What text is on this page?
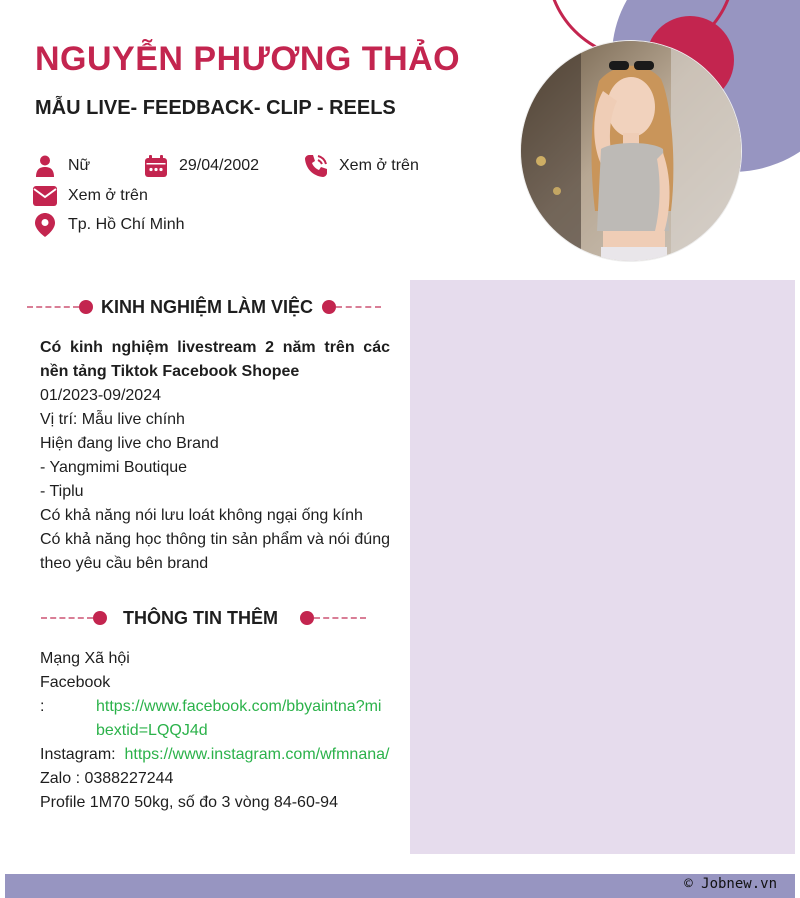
NGUYỄN PHƯƠNG THẢO
MẪU LIVE- FEEDBACK- CLIP - REELS
Nữ	29/04/2002	Xem ở trên
Xem ở trên
Tp. Hồ Chí Minh
KINH NGHIỆM LÀM VIỆC

Có kinh nghiệm livestream 2 năm trên các nền tảng Tiktok Facebook Shopee

01/2023-09/2024

Vị trí: Mẫu live chính

Hiện đang live cho Brand

- Yangmimi Boutique

- Tiplu

Có khả năng nói lưu loát không ngại ống kính

Có khả năng học thông tin sản phẩm và nói đúng theo yêu cầu bên brand

THÔNG TIN THÊM

Mạng Xã hội

Facebook

:	https://www.facebook.com/bbyaintna?mibextid=LQQJ4d

Instagram: https://www.instagram.com/wfmnana/

Zalo : 0388227244

Profile 1M70 50kg, số đo 3 vòng 84-60-94

© Jobnew.vn
